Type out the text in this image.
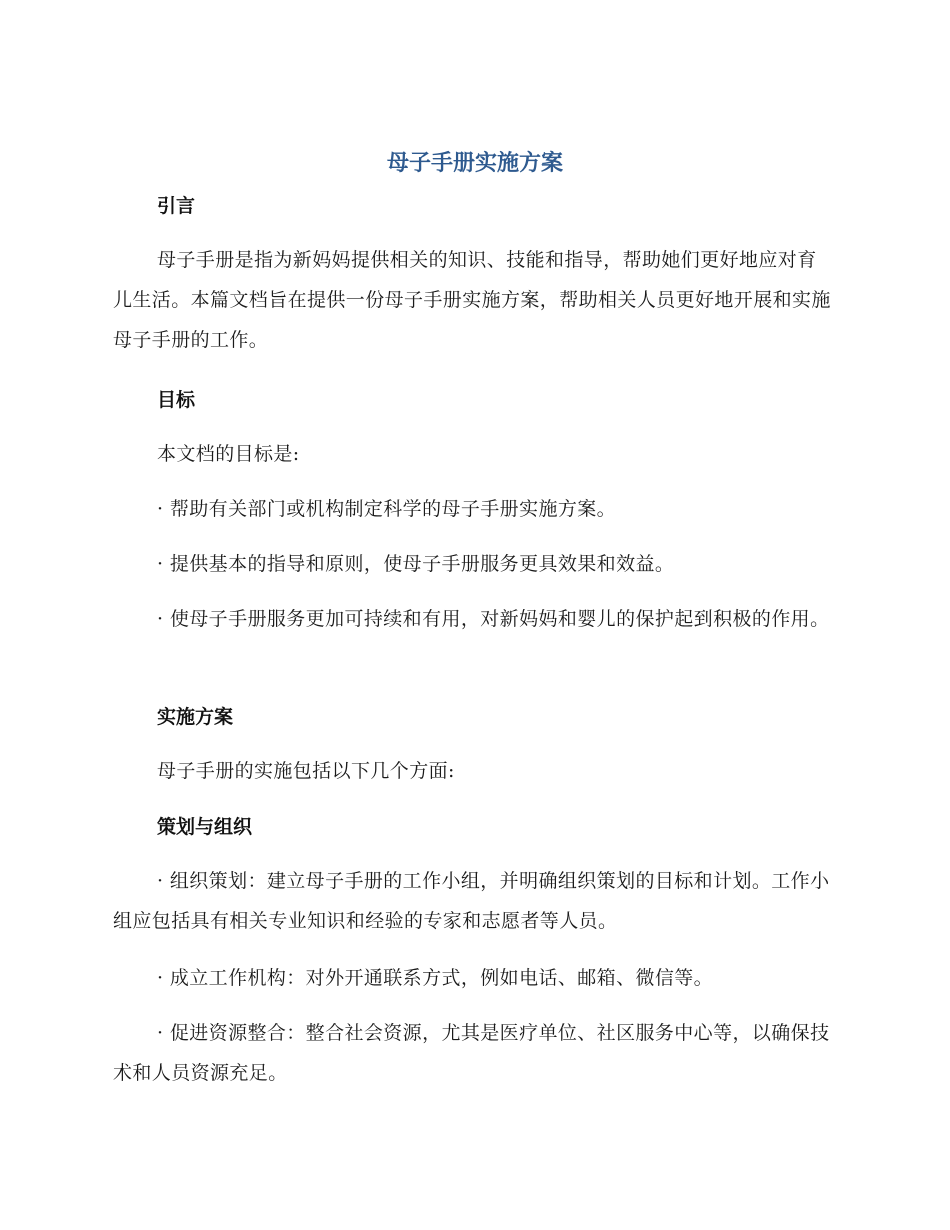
母子手册实施方案
引言

母子手册是指为新妈妈提供相关的知识、技能和指导，帮助她们更好地应对育儿生活。本篇文档旨在提供一份母子手册实施方案，帮助相关人员更好地开展和实施母子手册的工作。

目标

本文档的目标是:

· 帮助有关部门或机构制定科学的母子手册实施方案。

· 提供基本的指导和原则，使母子手册服务更具效果和效益。

· 使母子手册服务更加可持续和有用，对新妈妈和婴儿的保护起到积极的作用。

实施方案

母子手册的实施包括以下几个方面:

策划与组织

· 组织策划：建立母子手册的工作小组，并明确组织策划的目标和计划。工作小组应包括具有相关专业知识和经验的专家和志愿者等人员。

· 成立工作机构：对外开通联系方式，例如电话、邮箱、微信等。

· 促进资源整合：整合社会资源，尤其是医疗单位、社区服务中心等，以确保技术和人员资源充足。
